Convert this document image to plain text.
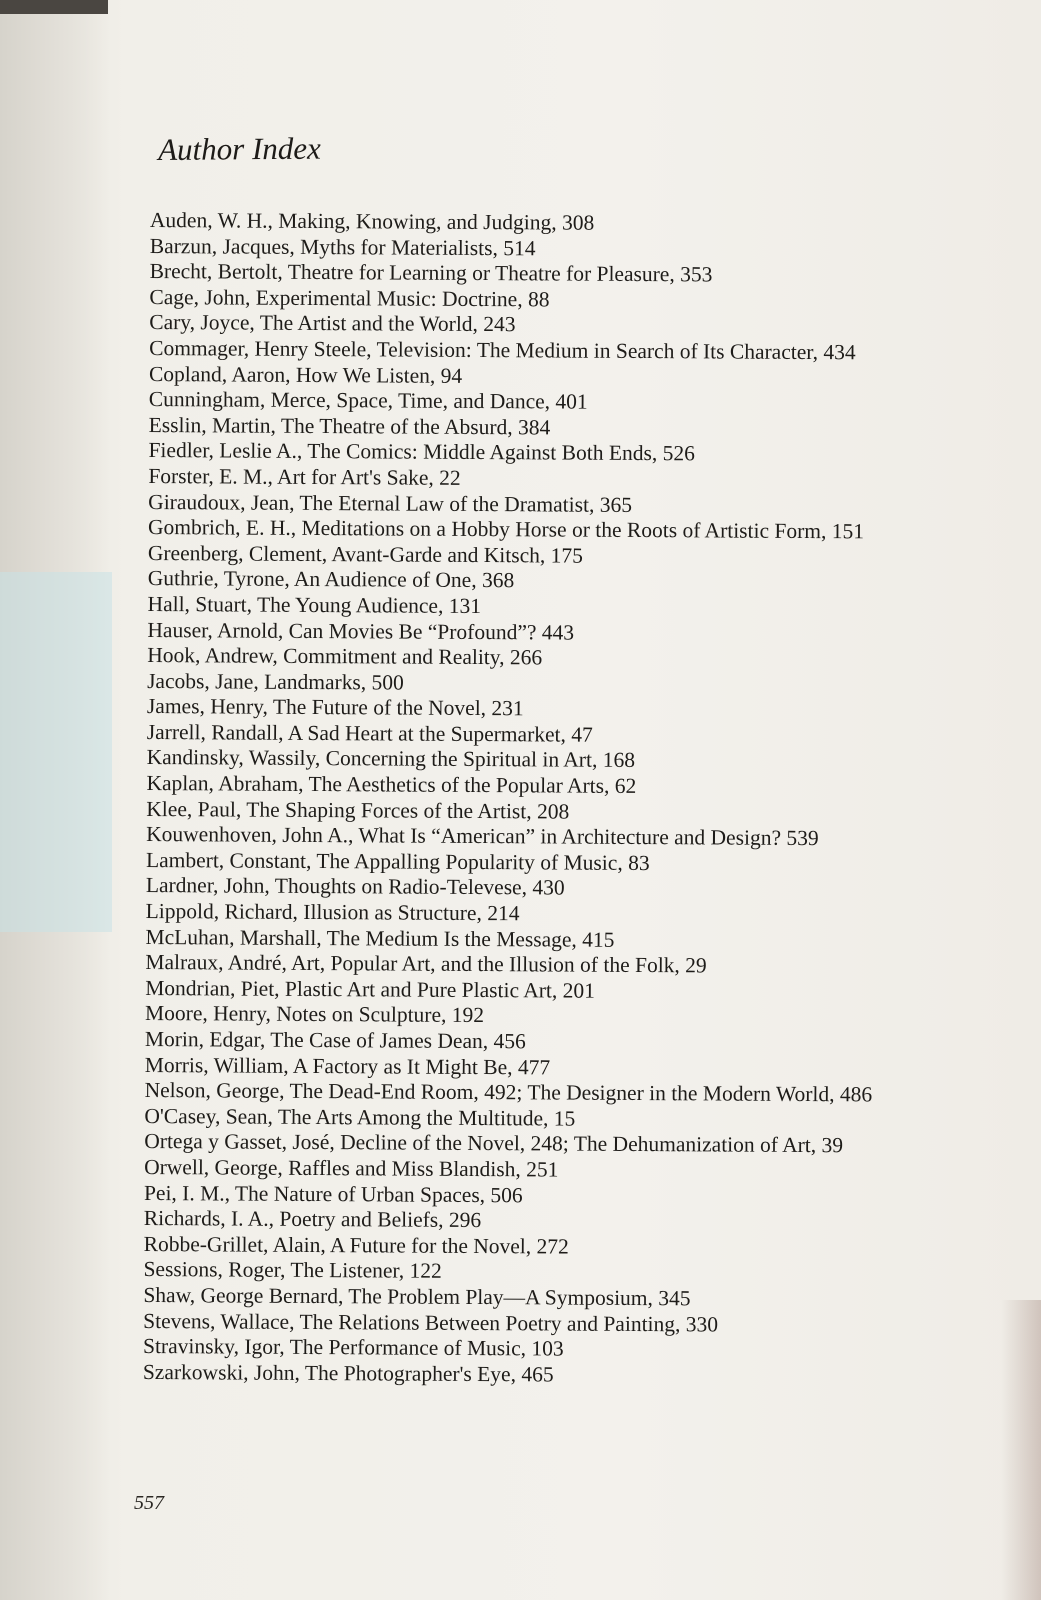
Author Index
Auden, W. H., Making, Knowing, and Judging, 308
Barzun, Jacques, Myths for Materialists, 514
Brecht, Bertolt, Theatre for Learning or Theatre for Pleasure, 353
Cage, John, Experimental Music: Doctrine, 88
Cary, Joyce, The Artist and the World, 243
Commager, Henry Steele, Television: The Medium in Search of Its Character, 434
Copland, Aaron, How We Listen, 94
Cunningham, Merce, Space, Time, and Dance, 401
Esslin, Martin, The Theatre of the Absurd, 384
Fiedler, Leslie A., The Comics: Middle Against Both Ends, 526
Forster, E. M., Art for Art's Sake, 22
Giraudoux, Jean, The Eternal Law of the Dramatist, 365
Gombrich, E. H., Meditations on a Hobby Horse or the Roots of Artistic Form, 151
Greenberg, Clement, Avant-Garde and Kitsch, 175
Guthrie, Tyrone, An Audience of One, 368
Hall, Stuart, The Young Audience, 131
Hauser, Arnold, Can Movies Be “Profound”? 443
Hook, Andrew, Commitment and Reality, 266
Jacobs, Jane, Landmarks, 500
James, Henry, The Future of the Novel, 231
Jarrell, Randall, A Sad Heart at the Supermarket, 47
Kandinsky, Wassily, Concerning the Spiritual in Art, 168
Kaplan, Abraham, The Aesthetics of the Popular Arts, 62
Klee, Paul, The Shaping Forces of the Artist, 208
Kouwenhoven, John A., What Is “American” in Architecture and Design? 539
Lambert, Constant, The Appalling Popularity of Music, 83
Lardner, John, Thoughts on Radio-Televese, 430
Lippold, Richard, Illusion as Structure, 214
McLuhan, Marshall, The Medium Is the Message, 415
Malraux, André, Art, Popular Art, and the Illusion of the Folk, 29
Mondrian, Piet, Plastic Art and Pure Plastic Art, 201
Moore, Henry, Notes on Sculpture, 192
Morin, Edgar, The Case of James Dean, 456
Morris, William, A Factory as It Might Be, 477
Nelson, George, The Dead-End Room, 492; The Designer in the Modern World, 486
O'Casey, Sean, The Arts Among the Multitude, 15
Ortega y Gasset, José, Decline of the Novel, 248; The Dehumanization of Art, 39
Orwell, George, Raffles and Miss Blandish, 251
Pei, I. M., The Nature of Urban Spaces, 506
Richards, I. A., Poetry and Beliefs, 296
Robbe-Grillet, Alain, A Future for the Novel, 272
Sessions, Roger, The Listener, 122
Shaw, George Bernard, The Problem Play—A Symposium, 345
Stevens, Wallace, The Relations Between Poetry and Painting, 330
Stravinsky, Igor, The Performance of Music, 103
Szarkowski, John, The Photographer's Eye, 465
557
